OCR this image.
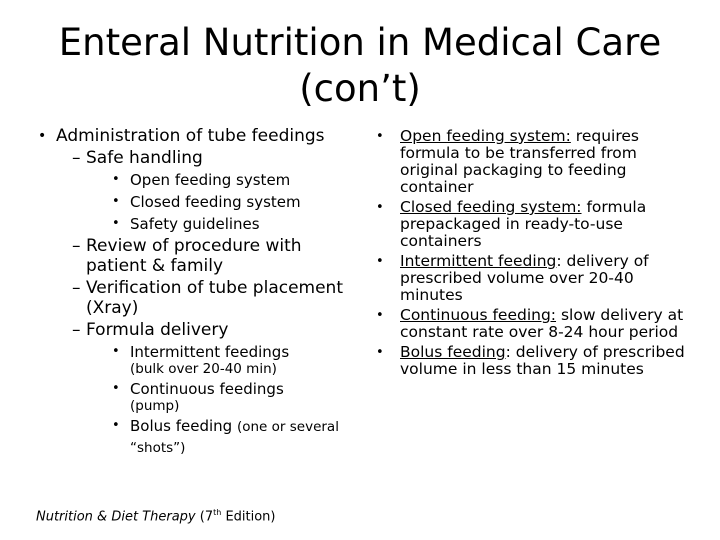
Enteral Nutrition in Medical Care (con’t)
• Administration of tube feedings
– Safe handling
• Open feeding system
• Closed feeding system
• Safety guidelines
– Review of procedure with patient & family
– Verification of tube placement (Xray)
– Formula delivery
• Intermittent feedings
(bulk over 20-40 min)
• Continuous feedings
(pump)
• Bolus feeding (one or several “shots”)
•	Open feeding system: requires formula to be transferred from original packaging to feeding container
•	Closed feeding system: formula prepackaged in ready-to-use containers
•	Intermittent feeding: delivery of prescribed volume over 20-40 minutes
•	Continuous feeding: slow delivery at constant rate over 8-24 hour period
•	Bolus feeding: delivery of prescribed volume in less than 15 minutes
Nutrition & Diet Therapy (7th Edition)
